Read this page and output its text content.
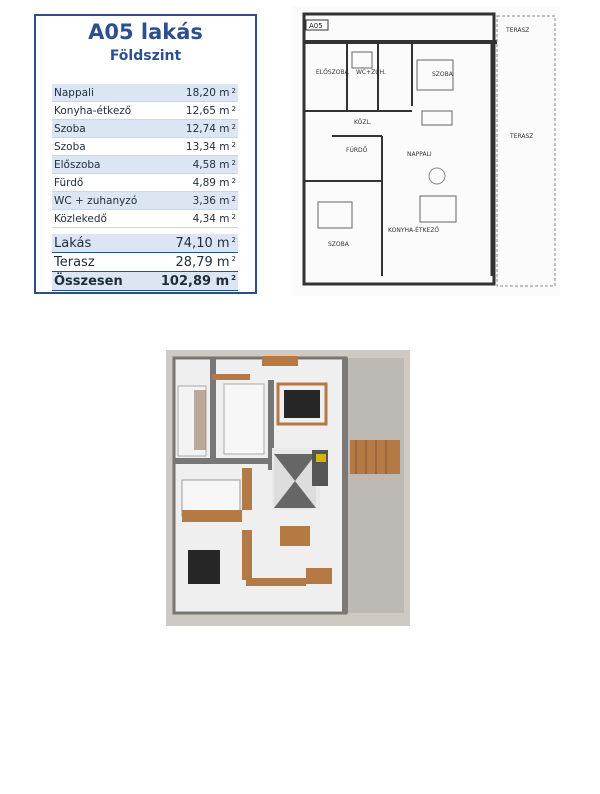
A05 lakás
Földszint
Nappali	18,20 m 2
Konyha-étkező	12,65 m 2
Szoba	12,74 m 2
Szoba	13,34 m 2
Előszoba	4,58 m 2
Fürdő	4,89 m 2
WC + zuhanyzó	3,36 m 2
Közlekedő	4,34 m 2
Lakás	74,10 m 2
Terasz	28,79 m 2
Összesen	102,89 m 2
A05
TERASZ
SZOBA
ELŐSZOBA WC+ZUH.
KÖZL.
FÜRDŐ
NAPPALI
TERASZ
SZOBA
KONYHA-ÉTKEZŐ
otp ingatlanpont
